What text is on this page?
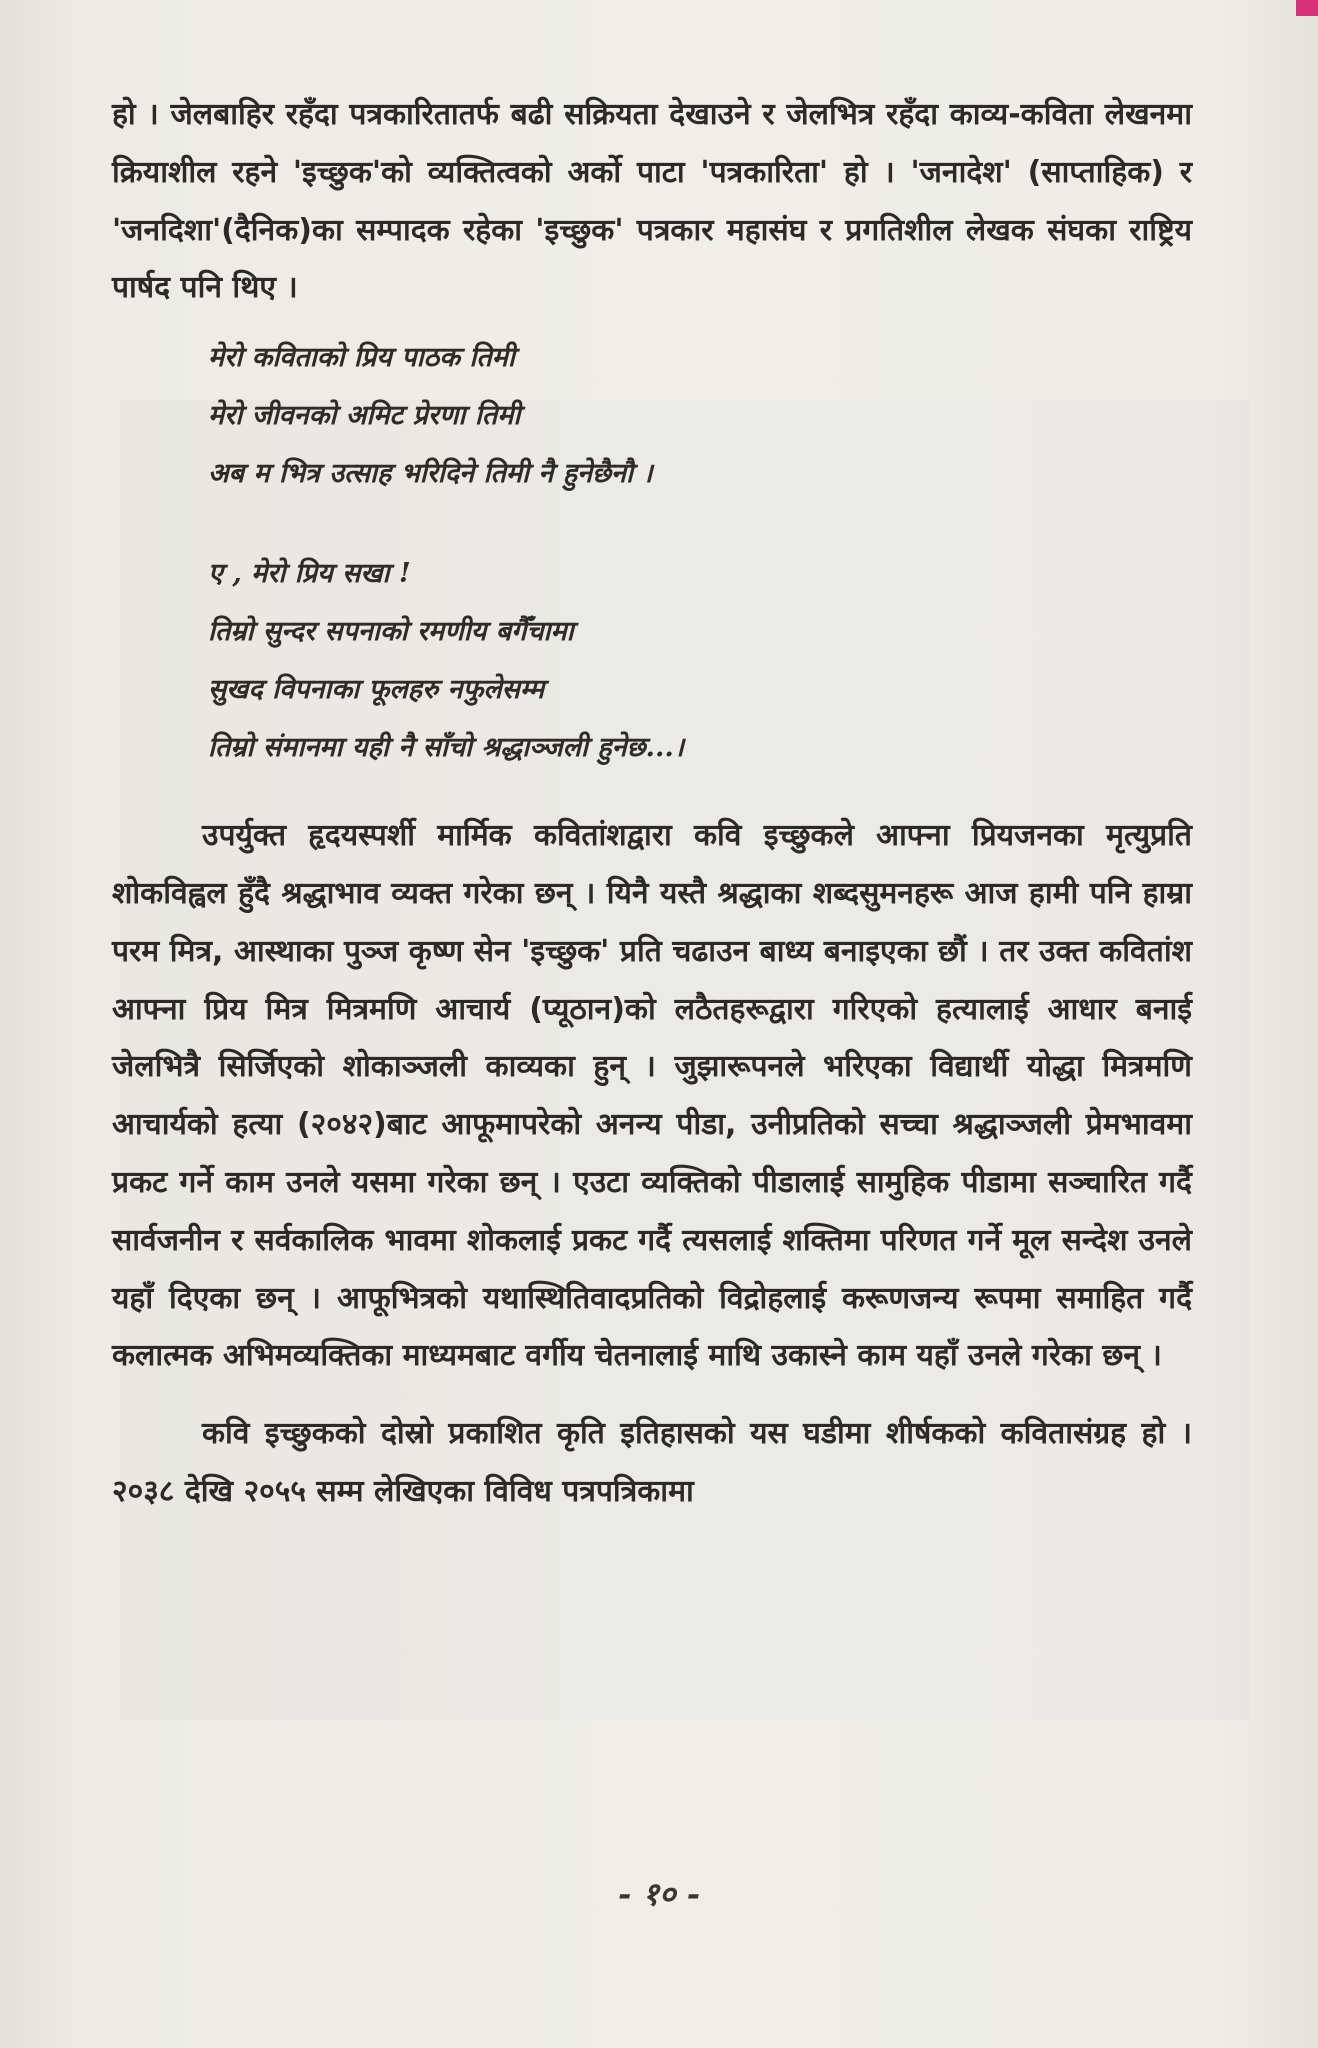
हो । जेलबाहिर रहँदा पत्रकारितातर्फ बढी सक्रियता देखाउने र जेलभित्र रहँदा काव्य-कविता लेखनमा क्रियाशील रहने 'इच्छुक'को व्यक्तित्वको अर्को पाटा 'पत्रकारिता' हो । 'जनादेश' (साप्ताहिक) र 'जनदिशा'(दैनिक)का सम्पादक रहेका 'इच्छुक' पत्रकार महासंघ र प्रगतिशील लेखक संघका राष्ट्रिय पार्षद पनि थिए ।

मेरो कविताको प्रिय पाठक तिमी
मेरो जीवनको अमिट प्रेरणा तिमी
अब म भित्र उत्साह भरिदिने तिमी नै हुनेछैनौ ।
ए , मेरो प्रिय सखा !
तिम्रो सुन्दर सपनाको रमणीय बगैँचामा
सुखद विपनाका फूलहरु नफुलेसम्म
तिम्रो संमानमा यही नै साँचो श्रद्धाञ्जली हुनेछ...।

उपर्युक्त हृदयस्पर्शी मार्मिक कवितांशद्वारा कवि इच्छुकले आफ्ना प्रियजनका मृत्युप्रति शोकविह्वल हुँदै श्रद्धाभाव व्यक्त गरेका छन् । यिनै यस्तै श्रद्धाका शब्दसुमनहरू आज हामी पनि हाम्रा परम मित्र, आस्थाका पुञ्ज कृष्ण सेन 'इच्छुक' प्रति चढाउन बाध्य बनाइएका छौं । तर उक्त कवितांश आफ्ना प्रिय मित्र मित्रमणि आचार्य (प्यूठान)को लठैतहरूद्वारा गरिएको हत्यालाई आधार बनाई जेलभित्रै सिर्जिएको शोकाञ्जली काव्यका हुन् । जुझारूपनले भरिएका विद्यार्थी योद्धा मित्रमणि आचार्यको हत्या (२०४२)बाट आफूमापरेको अनन्य पीडा, उनीप्रतिको सच्चा श्रद्धाञ्जली प्रेमभावमा प्रकट गर्ने काम उनले यसमा गरेका छन् । एउटा व्यक्तिको पीडालाई सामुहिक पीडामा सञ्चारित गर्दै सार्वजनीन र सर्वकालिक भावमा शोकलाई प्रकट गर्दै त्यसलाई शक्तिमा परिणत गर्ने मूल सन्देश उनले यहाँ दिएका छन् । आफूभित्रको यथास्थितिवादप्रतिको विद्रोहलाई करूणजन्य रूपमा समाहित गर्दै कलात्मक अभिमव्यक्तिका माध्यमबाट वर्गीय चेतनालाई माथि उकास्ने काम यहाँ उनले गरेका छन् ।

कवि इच्छुकको दोस्रो प्रकाशित कृति इतिहासको यस घडीमा शीर्षकको कवितासंग्रह हो । २०३८ देखि २०५५ सम्म लेखिएका विविध पत्रपत्रिकामा

- १० -
